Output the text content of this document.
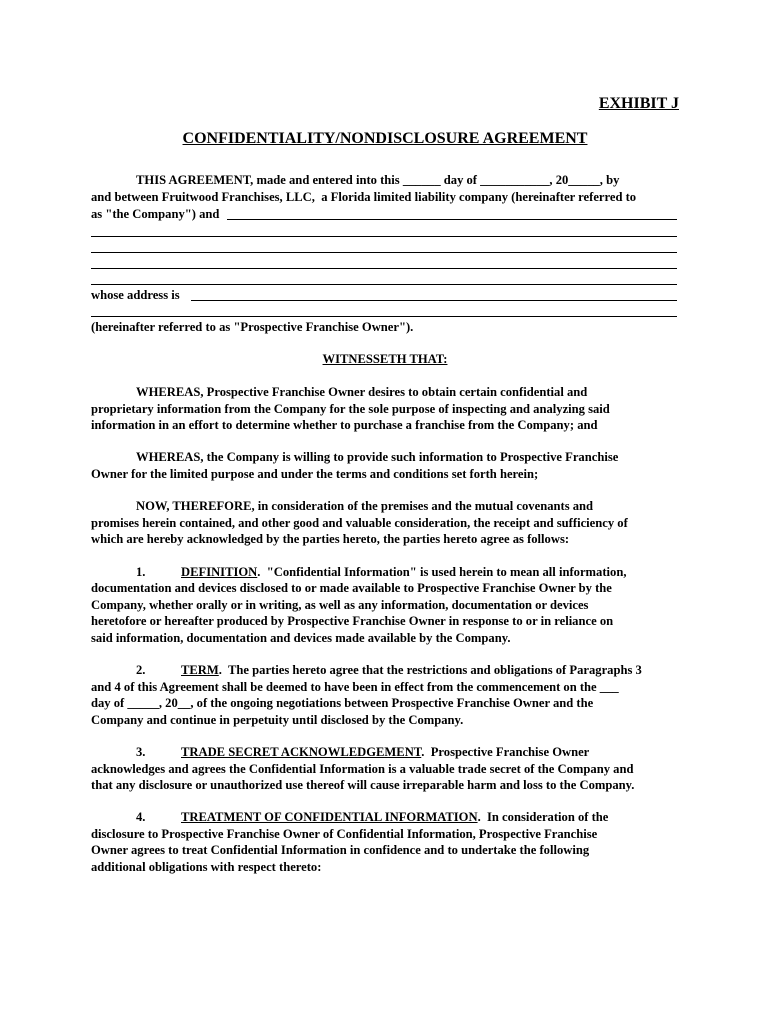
EXHIBIT J
CONFIDENTIALITY/NONDISCLOSURE AGREEMENT
THIS AGREEMENT, made and entered into this ______ day of ___________, 20_____, by
and between Fruitwood Franchises, LLC,  a Florida limited liability company (hereinafter referred to
as "the Company") and
whose address is
(hereinafter referred to as "Prospective Franchise Owner").
WITNESSETH THAT:
WHEREAS, Prospective Franchise Owner desires to obtain certain confidential and
proprietary information from the Company for the sole purpose of inspecting and analyzing said
information in an effort to determine whether to purchase a franchise from the Company; and
WHEREAS, the Company is willing to provide such information to Prospective Franchise
Owner for the limited purpose and under the terms and conditions set forth herein;
NOW, THEREFORE, in consideration of the premises and the mutual covenants and
promises herein contained, and other good and valuable consideration, the receipt and sufficiency of
which are hereby acknowledged by the parties hereto, the parties hereto agree as follows:
1.	DEFINITION.  "Confidential Information" is used herein to mean all information,
documentation and devices disclosed to or made available to Prospective Franchise Owner by the
Company, whether orally or in writing, as well as any information, documentation or devices
heretofore or hereafter produced by Prospective Franchise Owner in response to or in reliance on
said information, documentation and devices made available by the Company.
2.	TERM.  The parties hereto agree that the restrictions and obligations of Paragraphs 3
and 4 of this Agreement shall be deemed to have been in effect from the commencement on the ___
day of _____, 20__, of the ongoing negotiations between Prospective Franchise Owner and the
Company and continue in perpetuity until disclosed by the Company.
3.	TRADE SECRET ACKNOWLEDGEMENT.  Prospective Franchise Owner
acknowledges and agrees the Confidential Information is a valuable trade secret of the Company and
that any disclosure or unauthorized use thereof will cause irreparable harm and loss to the Company.
4.	TREATMENT OF CONFIDENTIAL INFORMATION.  In consideration of the
disclosure to Prospective Franchise Owner of Confidential Information, Prospective Franchise
Owner agrees to treat Confidential Information in confidence and to undertake the following
additional obligations with respect thereto:
